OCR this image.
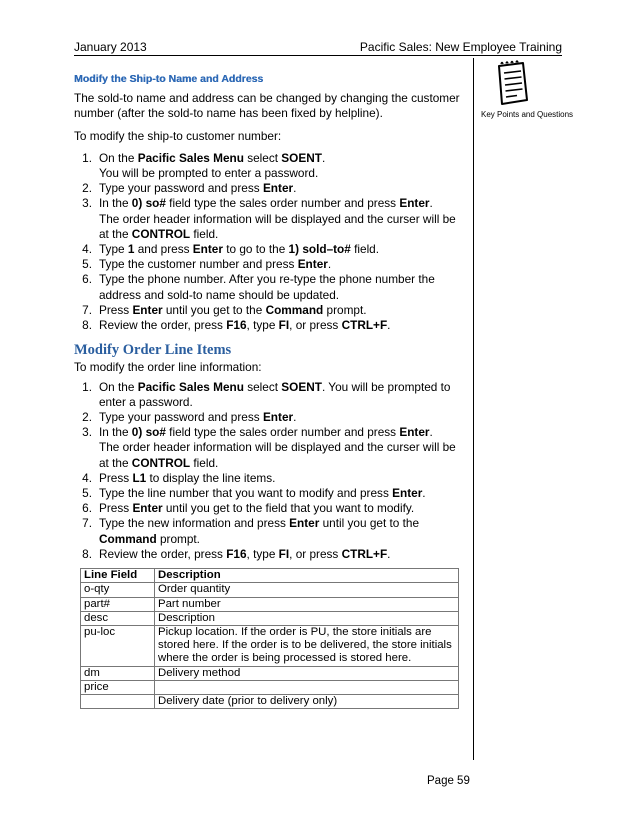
January 2013	Pacific Sales: New Employee Training
Key Points and Questions
Modify the Ship-to Name and Address

The sold-to name and address can be changed by changing the customer number (after the sold-to name has been fixed by helpline).

To modify the ship-to customer number:

1. On the Pacific Sales Menu select SOENT.
You will be prompted to enter a password.
2. Type your password and press Enter.
3. In the 0) so# field type the sales order number and press Enter.
The order header information will be displayed and the curser will be at the CONTROL field.
4. Type 1 and press Enter to go to the 1) sold–to# field.
5. Type the customer number and press Enter.
6. Type the phone number. After you re-type the phone number the address and sold-to name should be updated.
7. Press Enter until you get to the Command prompt.
8. Review the order, press F16, type FI, or press CTRL+F.
Modify Order Line Items

To modify the order line information:

1. On the Pacific Sales Menu select SOENT. You will be prompted to enter a password.
2. Type your password and press Enter.
3. In the 0) so# field type the sales order number and press Enter.
The order header information will be displayed and the curser will be at the CONTROL field.
4. Press L1 to display the line items.
5. Type the line number that you want to modify and press Enter.
6. Press Enter until you get to the field that you want to modify.
7. Type the new information and press Enter until you get to the Command prompt.
8. Review the order, press F16, type FI, or press CTRL+F.
Line Field	Description
o-qty	Order quantity
part#	Part number
desc	Description
pu-loc	Pickup location. If the order is PU, the store initials are stored here. If the order is to be delivered, the store initials where the order is being processed is stored here.
dm	Delivery method
price	
	Delivery date (prior to delivery only)
Page 59
